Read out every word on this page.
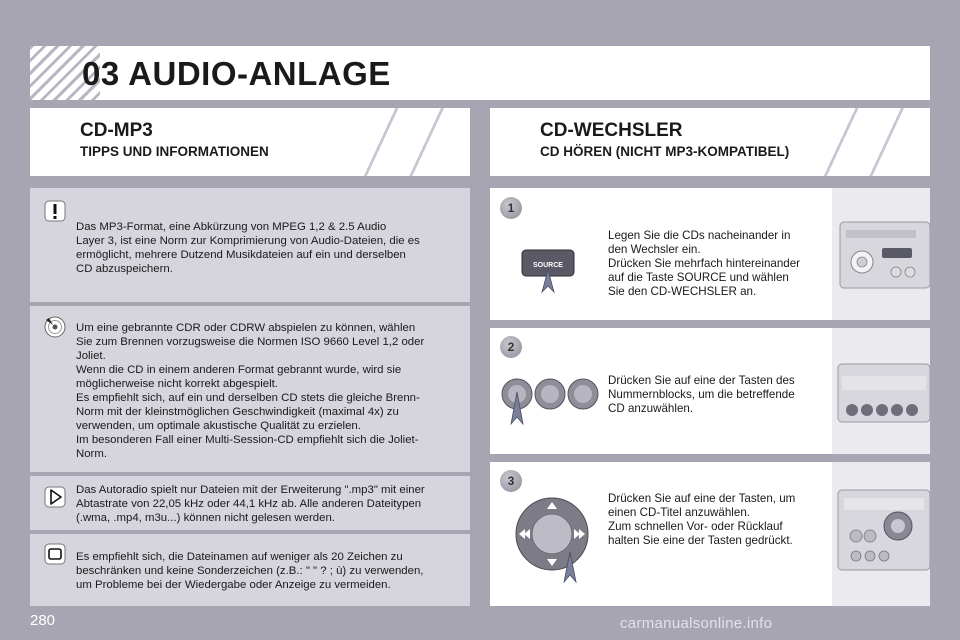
03 AUDIO-ANLAGE
CD-MP3
TIPPS UND INFORMATIONEN
CD-WECHSLER
CD HÖREN (NICHT MP3-KOMPATIBEL)
Das MP3-Format, eine Abkürzung von MPEG 1,2 & 2.5 Audio
Layer 3, ist eine Norm zur Komprimierung von Audio-Dateien, die es
ermöglicht, mehrere Dutzend Musikdateien auf ein und derselben
CD abzuspeichern.
Um eine gebrannte CDR oder CDRW abspielen zu können, wählen
Sie zum Brennen vorzugsweise die Normen ISO 9660 Level 1,2 oder
Joliet.
Wenn die CD in einem anderen Format gebrannt wurde, wird sie
möglicherweise nicht korrekt abgespielt.
Es empfiehlt sich, auf ein und derselben CD stets die gleiche Brenn-
Norm mit der kleinstmöglichen Geschwindigkeit (maximal 4x) zu
verwenden, um optimale akustische Qualität zu erzielen.
Im besonderen Fall einer Multi-Session-CD empfiehlt sich die Joliet-
Norm.
Das Autoradio spielt nur Dateien mit der Erweiterung ".mp3" mit einer
Abtastrate von 22,05 kHz oder 44,1 kHz ab. Alle anderen Dateitypen
(.wma, .mp4, m3u...) können nicht gelesen werden.
Es empfiehlt sich, die Dateinamen auf weniger als 20 Zeichen zu
beschränken und keine Sonderzeichen (z.B.: " " ? ; ù) zu verwenden,
um Probleme bei der Wiedergabe oder Anzeige zu vermeiden.
1
SOURCE
Legen Sie die CDs nacheinander in
den Wechsler ein.
Drücken Sie mehrfach hintereinander
auf die Taste SOURCE und wählen
Sie den CD-WECHSLER an.
2
Drücken Sie auf eine der Tasten des
Nummernblocks, um die betreffende
CD anzuwählen.
3
Drücken Sie auf eine der Tasten, um
einen CD-Titel anzuwählen.
Zum schnellen Vor- oder Rücklauf
halten Sie eine der Tasten gedrückt.
280	carmanualsonline.info
